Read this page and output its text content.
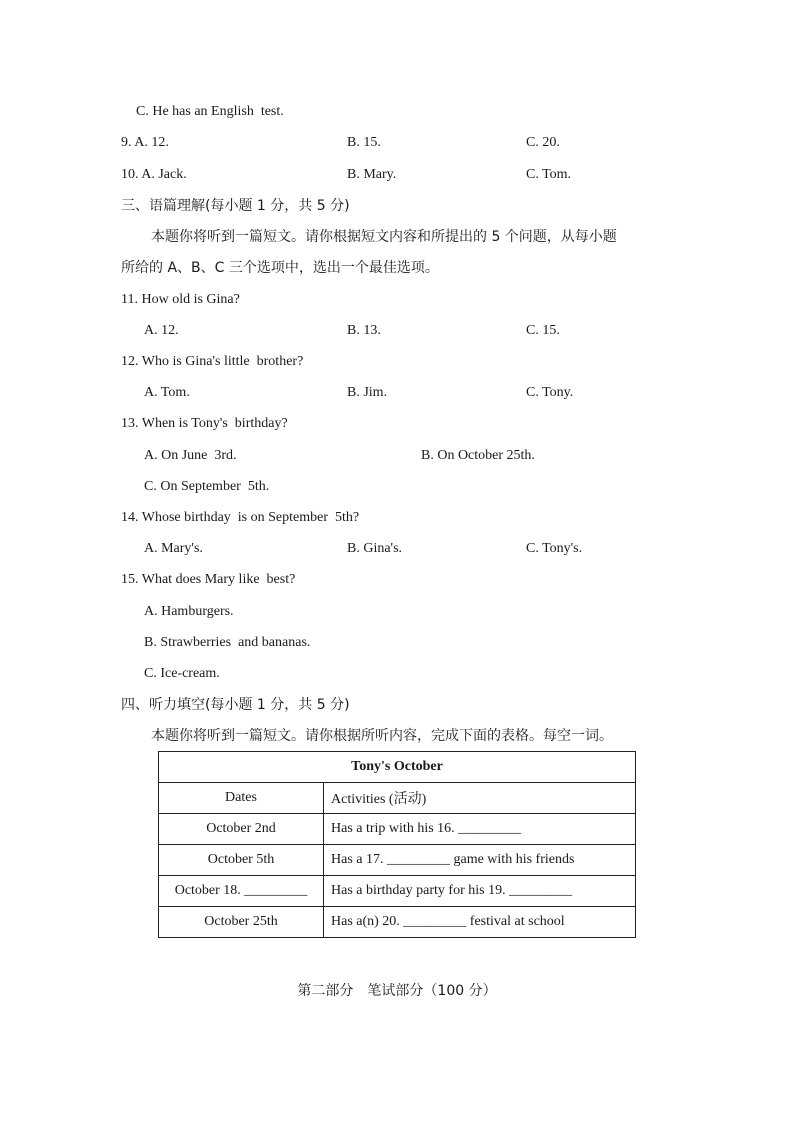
C. He has an English  test.
9. A. 12.	B. 15.	C. 20.
10. A. Jack.	B. Mary.	C. Tom.
三、语篇理解(每小题 1 分，共 5 分)
本题你将听到一篇短文。请你根据短文内容和所提出的 5 个问题，从每小题
所给的 A、B、C 三个选项中，选出一个最佳选项。
11. How old is Gina?
A. 12.	B. 13.	C. 15.
12. Who is Gina's little  brother?
A. Tom.	B. Jim.	C. Tony.
13. When is Tony's  birthday?
A. On June  3rd.	B. On October 25th.
C. On September  5th.
14. Whose birthday  is on September  5th?
A. Mary's.	B. Gina's.	C. Tony's.
15. What does Mary like  best?
A. Hamburgers.
B. Strawberries  and bananas.
C. Ice-cream.
四、听力填空(每小题 1 分，共 5 分)
本题你将听到一篇短文。请你根据所听内容，完成下面的表格。每空一词。
Tony's October	
Dates	Activities (活动)
October 2nd	Has a trip with his 16. _________
October 5th	Has a 17. _________ game with his friends
October 18. _________	Has a birthday party for his 19. _________
October 25th	Has a(n) 20. _________ festival at school
第二部分　笔试部分（100 分）
